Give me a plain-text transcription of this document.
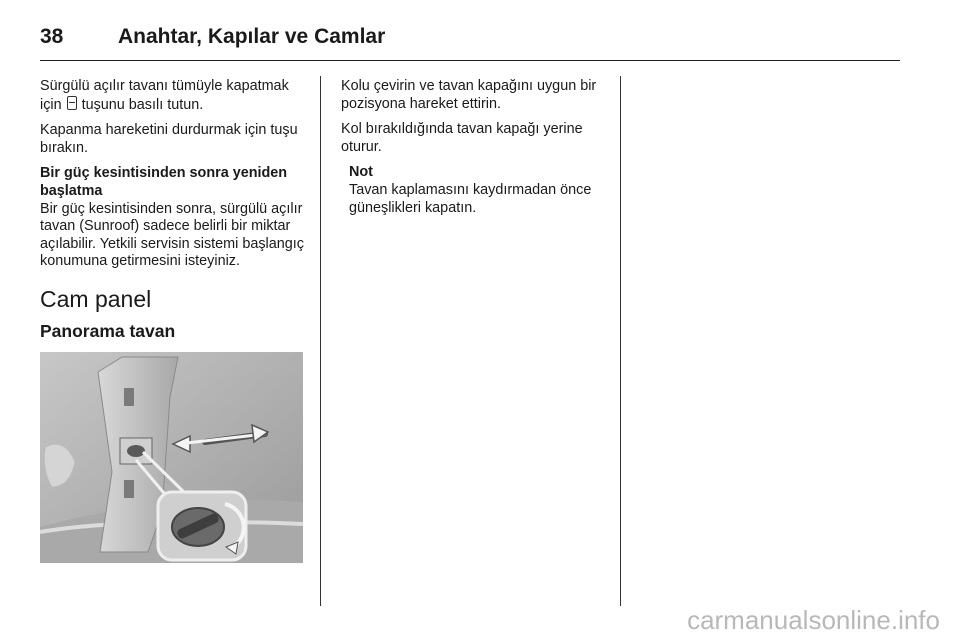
38	Anahtar, Kapılar ve Camlar

Sürgülü açılır tavanı tümüyle kapatmak için tuşunu basılı tutun.

Kapanma hareketini durdurmak için tuşu bırakın.

Bir güç kesintisinden sonra yeniden başlatma

Bir güç kesintisinden sonra, sürgülü açılır tavan (Sunroof) sadece belirli bir miktar açılabilir. Yetkili servisin sistemi başlangıç konumuna getirmesini isteyiniz.

Cam panel
Panorama tavan

Kolu çevirin ve tavan kapağını uygun bir pozisyona hareket ettirin.

Kol bırakıldığında tavan kapağı yerine oturur.

Not
Tavan kaplamasını kaydırmadan önce güneşlikleri kapatın.
carmanualsonline.info
